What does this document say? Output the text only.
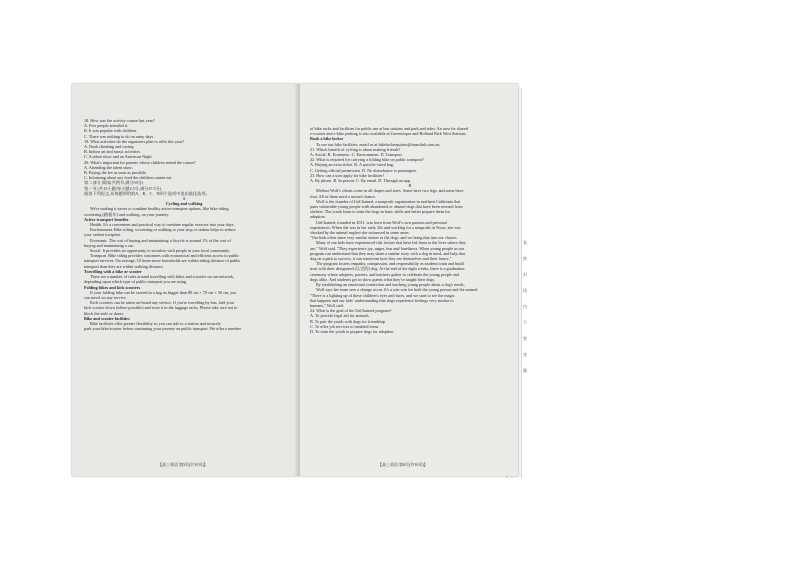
18. How was the activity course last year?

A. Few people attended it.

B. It was popular with children.

C. There was nothing to do on rainy days.

19. What activities do the organizers plan to offer this year?

A. Book climbing and caving.

B. Indoor art and music activities.

C. A talent show and an American Night.

20. What's important for parents whose children attend the course?

A. Attending the talent show.

B. Paying the fee as soon as possible.

C. Informing about any food the children cannot eat.

第二部分 阅读(共两节,满分50分)

第一节 (共15小题;每小题2.5分,满分37.5分)

阅读下列短文,从每题所给的A、B、C、D四个选项中选出最佳选项。

A

Cycling and walking

We're making it easier to combine healthy active transport options, like bike riding,

scootering (踏板车) and walking, on your journey.

Active transport benefits

Health. It's a convenient and practical way to combine regular exercise into your days.

Environment. Bike riding, scootering or walking to your stop or station helps to reduce

your carbon footprint.

Economic. The cost of buying and maintaining a bicycle is around 1% of the cost of

buying and maintaining a car.

Social. It provides an opportunity to socialize with people in your local community.

Transport. Bike riding provides customers with economical and efficient access to public

transport services. On average, 10 times more households are within riding distance of public

transport than they are within walking distance.

Travelling with a bike or scooter

There are a number of rules around travelling with bikes and scooters on our network,

depending upon which type of public transport you are using.

Folding bikes and kick scooters

If your folding bike can be carried in a bag no bigger than 80 cm × 70 cm × 30 cm, you

can travel on any service.

Kick scooters can be taken on-board any service. If you're travelling by bus, fold your

kick scooter down (where possible) and store it in the luggage racks. Please take care not to

block the aisle or doors.

Bike and scooter facilities

Bike facilities offer greater flexibility so you can ride to a station and securely

park your bike/scooter before continuing your journey on public transport. We offer a number

【高三英语 第5页(共10页)】

of bike racks and facilities for public use at bus stations and park and rides. An area for shared

e-scooter and e-bike parking is also available at Greenslopes and Holland Park West Stations.

Book a bike locker

To use our bike facilities, email us at bikelockerquiries@translink.com.au.

21. Which benefit of cycling is about making friends?

A. Social. B. Economic. C. Environment. D. Transport.

22. What is required for carrying a folding bike on public transport?

A. Buying an extra ticket. B. A specific-sized bag.

C. Getting official permission. D. No disturbance to passengers.

23. How can a user apply for bike facilities?

A. By phone. B. In person. C. By email. D. Through an app.

B

Melissa Wolf's clients come in all shapes and sizes. Some have two legs, and some have

four. All of them need a second chance.

Wolf is the founder of UnChained, a nonprofit organization in northern California that

pairs vulnerable young people with abandoned or abused dogs that have been rescued from

shelters. The youth learn to train the dogs in basic skills and better prepare them for

adoption.

UnChained, founded in 2011, was born from Wolf's own passion and personal

experiences. When she was in her early 20s and working for a nonprofit in Texas, she was

shocked by the animal neglect she witnessed in some areas.

"Our kids often share very similar stories to the dogs, and we bring that into our classes.

Many of our kids have experienced risk factors that have led them to the lives where they

are," Wolf said. "They experience joy, anger, fear and loneliness. When young people in our

program can understand that they may share a similar story with a dog in need, and help that

dog on a path to success, it can transform how they see themselves and their future."

The program fosters empathy, compassion, and responsibility as students train and build

trust with their designated (认定的) dog. At the end of the eight weeks, there is a graduation

ceremony where adopters, parents, and teachers gather to celebrate the young people and

dogs alike. And students get to show guests what they've taught their dogs.

By establishing an emotional connection and teaching young people about a dog's needs,

Wolf says her team sees a change occur. It's a win-win for both the young person and the animal.

"There is a lighting up of these children's eyes and faces, and we start to see the magic

that happens and our kids' understanding that dogs experience feelings very similar to

humans," Wolf said.

24. What is the goal of the UnChained program?

A. To provide legal aid for animals.

B. To pair the youth with dogs for friendship.

C. To offer job services to troubled teens.

D. To train the youth to prepare dogs for adoption.

【高三英语 第6页(共10页)】
卷
密
封
线
内
不
要
答
题
